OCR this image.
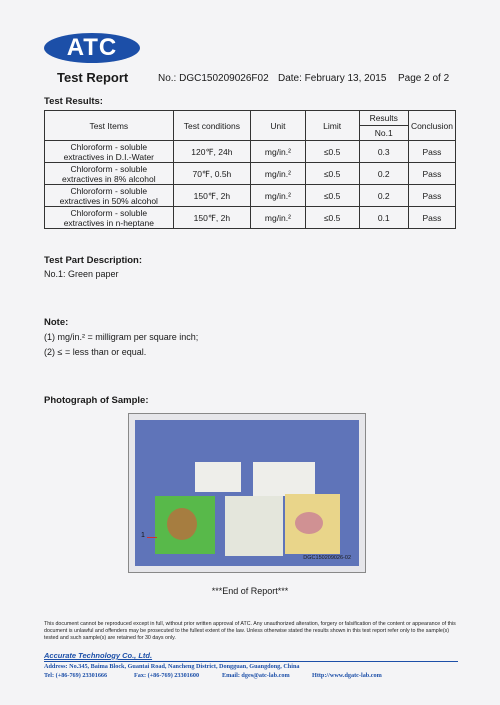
ATC
Test Report	No.: DGC150209026F02 Date: February 13, 2015 Page 2 of 2
Test Results:
Test Items	Test conditions	Unit	Limit	Results	Conclusion
				No.1	
Chloroform - soluble
extractives in D.I.-Water	120℉, 24h	mg/in.²	≤0.5	0.3	Pass
Chloroform - soluble
extractives in 8% alcohol	70℉, 0.5h	mg/in.²	≤0.5	0.2	Pass
Chloroform - soluble
extractives in 50% alcohol	150℉, 2h	mg/in.²	≤0.5	0.2	Pass
Chloroform - soluble
extractives in n-heptane	150℉, 2h	mg/in.²	≤0.5	0.1	Pass
Test Part Description:
No.1: Green paper
Note:
(1) mg/in.² = milligram per square inch;
(2) ≤ = less than or equal.
Photograph of Sample:
1
DGC150209026-02
***End of Report***
This document cannot be reproduced except in full, without prior written approval of ATC. Any unauthorized alteration, forgery or falsification of the content or appearance of this document is unlawful and offenders may be prosecuted to the fullest extent of the law. Unless otherwise stated the results shown in this test report refer only to the sample(s) tested and such sample(s) are retained for 30 days only.
Accurate Technology Co., Ltd.
Address: No.345, Baima Block, Guantai Road, Nancheng District, Dongguan, Guangdong, China
Tel: (+86-769) 23301666	Fax: (+86-769) 23301600	Email: dges@atc-lab.com	Http://www.dgatc-lab.com
